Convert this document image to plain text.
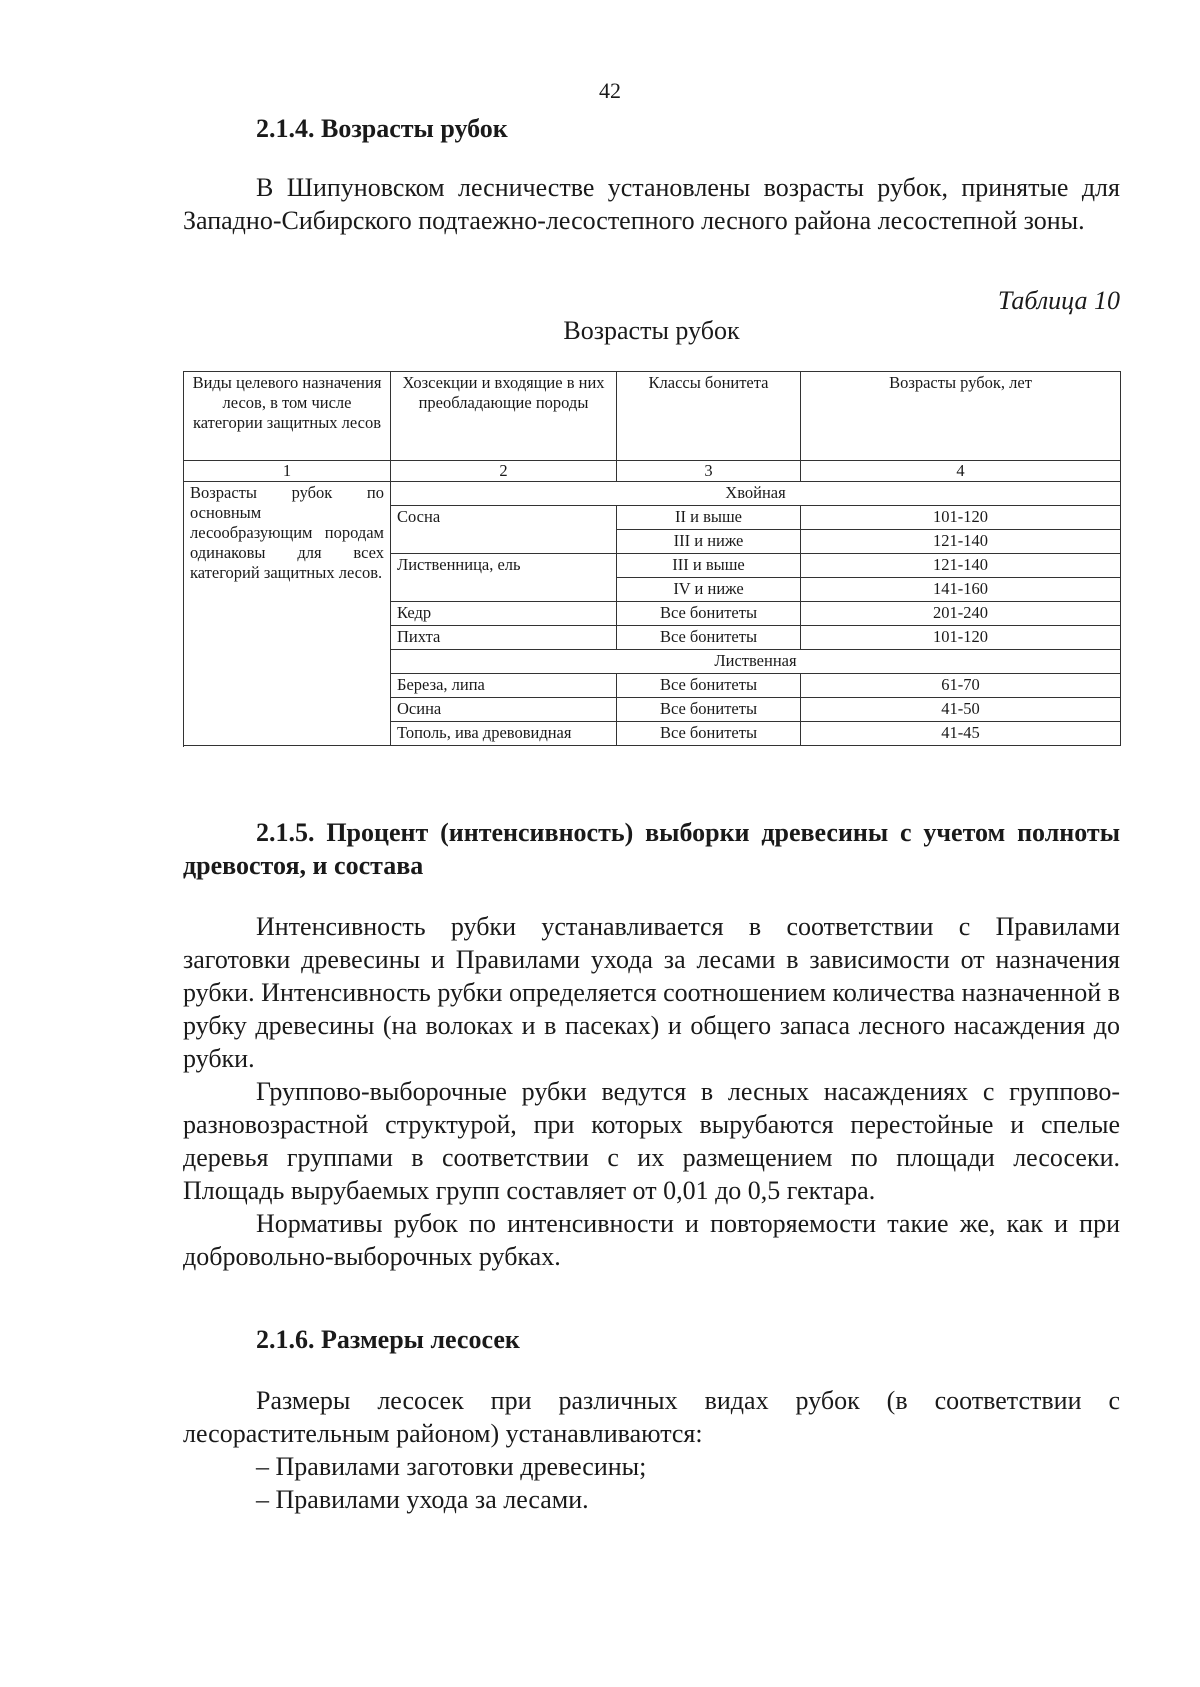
42
2.1.4. Возрасты рубок

В Шипуновском лесничестве установлены возрасты рубок, принятые для Западно-Сибирского подтаежно-лесостепного лесного района лесостепной зоны.

Таблица 10
Возрасты рубок
Виды целевого назначения лесов, в том числе категории защитных лесов	Хозсекции и входящие в них преобладающие породы	Классы бонитета	Возрасты рубок, лет
1	2	3	4
Возрасты рубок по основным лесообразующим породам одинаковы для всех категорий защитных лесов.	Хвойная		
	Сосна	II и выше	101-120
		III и ниже	121-140
	Лиственница, ель	III и выше	121-140
		IV и ниже	141-160
	Кедр	Все бонитеты	201-240
	Пихта	Все бонитеты	101-120
	Лиственная		
	Береза, липа	Все бонитеты	61-70
	Осина	Все бонитеты	41-50
	Тополь, ива древовидная	Все бонитеты	41-45

2.1.5. Процент (интенсивность) выборки древесины с учетом полноты древостоя, и состава

Интенсивность рубки устанавливается в соответствии с Правилами заготовки древесины и Правилами ухода за лесами в зависимости от назначения рубки. Интенсивность рубки определяется соотношением количества назначенной в рубку древесины (на волоках и в пасеках) и общего запаса лесного насаждения до рубки.

Группово-выборочные рубки ведутся в лесных насаждениях с группово-разновозрастной структурой, при которых вырубаются перестойные и спелые деревья группами в соответствии с их размещением по площади лесосеки. Площадь вырубаемых групп составляет от 0,01 до 0,5 гектара.

Нормативы рубок по интенсивности и повторяемости такие же, как и при добровольно-выборочных рубках.

2.1.6. Размеры лесосек

Размеры лесосек при различных видах рубок (в соответствии с лесорастительным районом) устанавливаются:

– Правилами заготовки древесины;
– Правилами ухода за лесами.
